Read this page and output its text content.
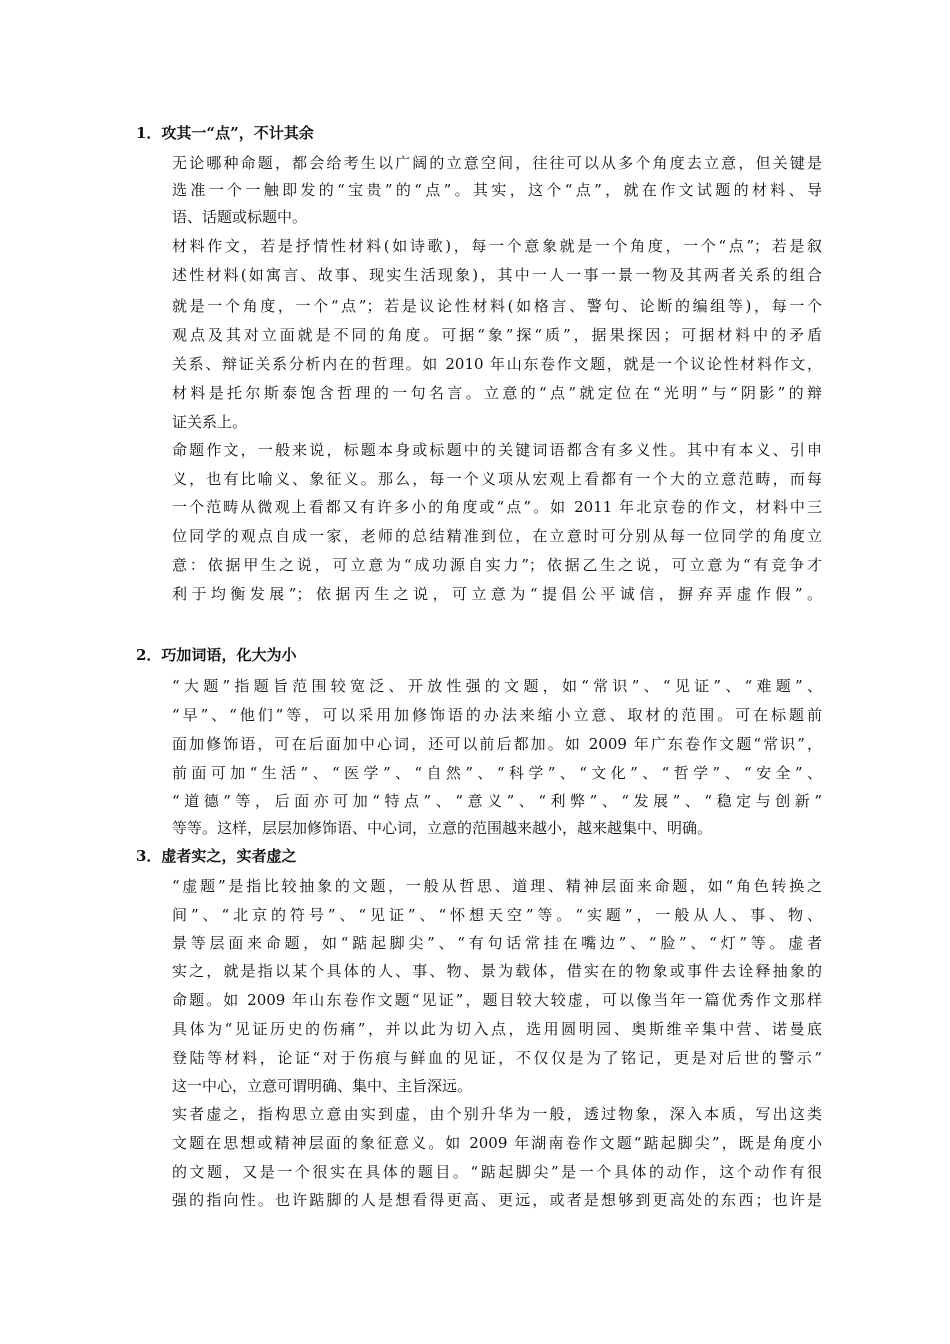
1．攻其一“点”，不计其余
无论哪种命题，都会给考生以广阔的立意空间，往往可以从多个角度去立意，但关键是
选准一个一触即发的“宝贵”的“点”。其实，这个“点”，就在作文试题的材料、导
语、话题或标题中。
材料作文，若是抒情性材料(如诗歌)，每一个意象就是一个角度，一个“点”；若是叙
述性材料(如寓言、故事、现实生活现象)，其中一人一事一景一物及其两者关系的组合
就是一个角度，一个“点”；若是议论性材料(如格言、警句、论断的编组等)，每一个
观点及其对立面就是不同的角度。可据“象”探“质”，据果探因；可据材料中的矛盾
关系、辩证关系分析内在的哲理。如 2010 年山东卷作文题，就是一个议论性材料作文，
材料是托尔斯泰饱含哲理的一句名言。立意的“点”就定位在“光明”与“阴影”的辩
证关系上。
命题作文，一般来说，标题本身或标题中的关键词语都含有多义性。其中有本义、引申
义，也有比喻义、象征义。那么，每一个义项从宏观上看都有一个大的立意范畴，而每
一个范畴从微观上看都又有许多小的角度或“点”。如 2011 年北京卷的作文，材料中三
位同学的观点自成一家，老师的总结精准到位，在立意时可分别从每一位同学的角度立
意：依据甲生之说，可立意为“成功源自实力”；依据乙生之说，可立意为“有竞争才
利于均衡发展”；依据丙生之说，可立意为“提倡公平诚信，摒弃弄虚作假”。
2．巧加词语，化大为小
“大题”指题旨范围较宽泛、开放性强的文题，如“常识”、“见证”、“难题”、
“早”、“他们”等，可以采用加修饰语的办法来缩小立意、取材的范围。可在标题前
面加修饰语，可在后面加中心词，还可以前后都加。如 2009 年广东卷作文题“常识”，
前面可加“生活”、“医学”、“自然”、“科学”、“文化”、“哲学”、“安全”、
“道德”等，后面亦可加“特点”、“意义”、“利弊”、“发展”、“稳定与创新”
等等。这样，层层加修饰语、中心词，立意的范围越来越小，越来越集中、明确。
3．虚者实之，实者虚之
“虚题”是指比较抽象的文题，一般从哲思、道理、精神层面来命题，如“角色转换之
间”、“北京的符号”、“见证”、“怀想天空”等。“实题”，一般从人、事、物、
景等层面来命题，如“踮起脚尖”、“有句话常挂在嘴边”、“脸”、“灯”等。虚者
实之，就是指以某个具体的人、事、物、景为载体，借实在的物象或事件去诠释抽象的
命题。如 2009 年山东卷作文题“见证”，题目较大较虚，可以像当年一篇优秀作文那样
具体为“见证历史的伤痛”，并以此为切入点，选用圆明园、奥斯维辛集中营、诺曼底
登陆等材料，论证“对于伤痕与鲜血的见证，不仅仅是为了铭记，更是对后世的警示”
这一中心，立意可谓明确、集中、主旨深远。
实者虚之，指构思立意由实到虚，由个别升华为一般，透过物象，深入本质，写出这类
文题在思想或精神层面的象征意义。如 2009 年湖南卷作文题“踮起脚尖”，既是角度小
的文题，又是一个很实在具体的题目。“踮起脚尖”是一个具体的动作，这个动作有很
强的指向性。也许踮脚的人是想看得更高、更远，或者是想够到更高处的东西；也许是
